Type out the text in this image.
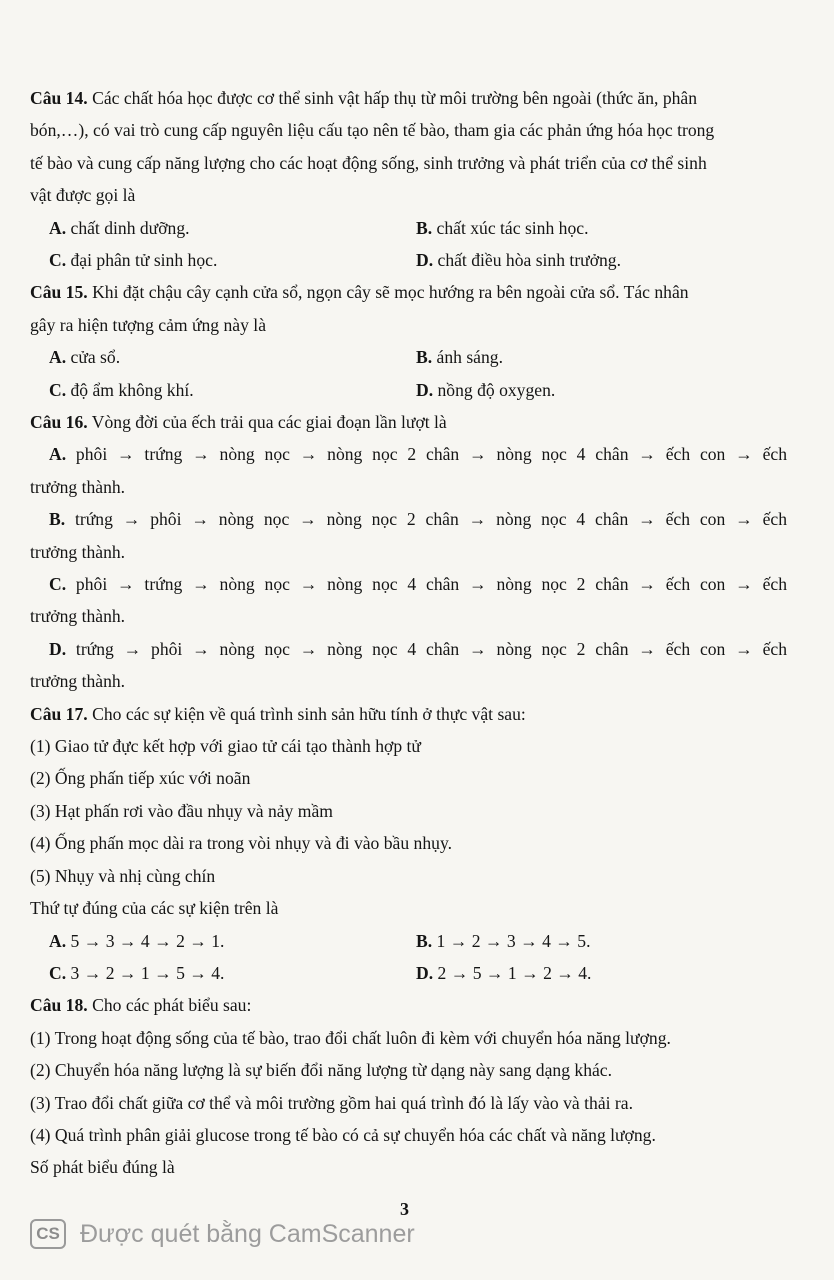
Câu 14. Các chất hóa học được cơ thể sinh vật hấp thụ từ môi trường bên ngoài (thức ăn, phân
bón,…), có vai trò cung cấp nguyên liệu cấu tạo nên tế bào, tham gia các phản ứng hóa học trong
tế bào và cung cấp năng lượng cho các hoạt động sống, sinh trưởng và phát triển của cơ thể sinh
vật được gọi là
A. chất dinh dưỡng.	B. chất xúc tác sinh học.
C. đại phân tử sinh học.	D. chất điều hòa sinh trưởng.
Câu 15. Khi đặt chậu cây cạnh cửa sổ, ngọn cây sẽ mọc hướng ra bên ngoài cửa sổ. Tác nhân
gây ra hiện tượng cảm ứng này là
A. cửa sổ.	B. ánh sáng.
C. độ ẩm không khí.	D. nồng độ oxygen.
Câu 16. Vòng đời của ếch trải qua các giai đoạn lần lượt là
A. phôi → trứng → nòng nọc → nòng nọc 2 chân → nòng nọc 4 chân → ếch con → ếch
trưởng thành.
B. trứng → phôi → nòng nọc → nòng nọc 2 chân → nòng nọc 4 chân → ếch con → ếch
trưởng thành.
C. phôi → trứng → nòng nọc → nòng nọc 4 chân → nòng nọc 2 chân → ếch con → ếch
trưởng thành.
D. trứng → phôi → nòng nọc → nòng nọc 4 chân → nòng nọc 2 chân → ếch con → ếch
trưởng thành.
Câu 17. Cho các sự kiện về quá trình sinh sản hữu tính ở thực vật sau:
(1) Giao tử đực kết hợp với giao tử cái tạo thành hợp tử
(2) Ống phấn tiếp xúc với noãn
(3) Hạt phấn rơi vào đầu nhụy và nảy mầm
(4) Ống phấn mọc dài ra trong vòi nhụy và đi vào bầu nhụy.
(5) Nhụy và nhị cùng chín
Thứ tự đúng của các sự kiện trên là
A. 5 → 3 → 4 → 2 → 1.	B. 1 → 2 → 3 → 4 → 5.
C. 3 → 2 → 1 → 5 → 4.	D. 2 → 5 → 1 → 2 → 4.
Câu 18. Cho các phát biểu sau:
(1) Trong hoạt động sống của tế bào, trao đổi chất luôn đi kèm với chuyển hóa năng lượng.
(2) Chuyển hóa năng lượng là sự biến đổi năng lượng từ dạng này sang dạng khác.
(3) Trao đổi chất giữa cơ thể và môi trường gồm hai quá trình đó là lấy vào và thải ra.
(4) Quá trình phân giải glucose trong tế bào có cả sự chuyển hóa các chất và năng lượng.
Số phát biểu đúng là
3
CS Được quét bằng CamScanner
